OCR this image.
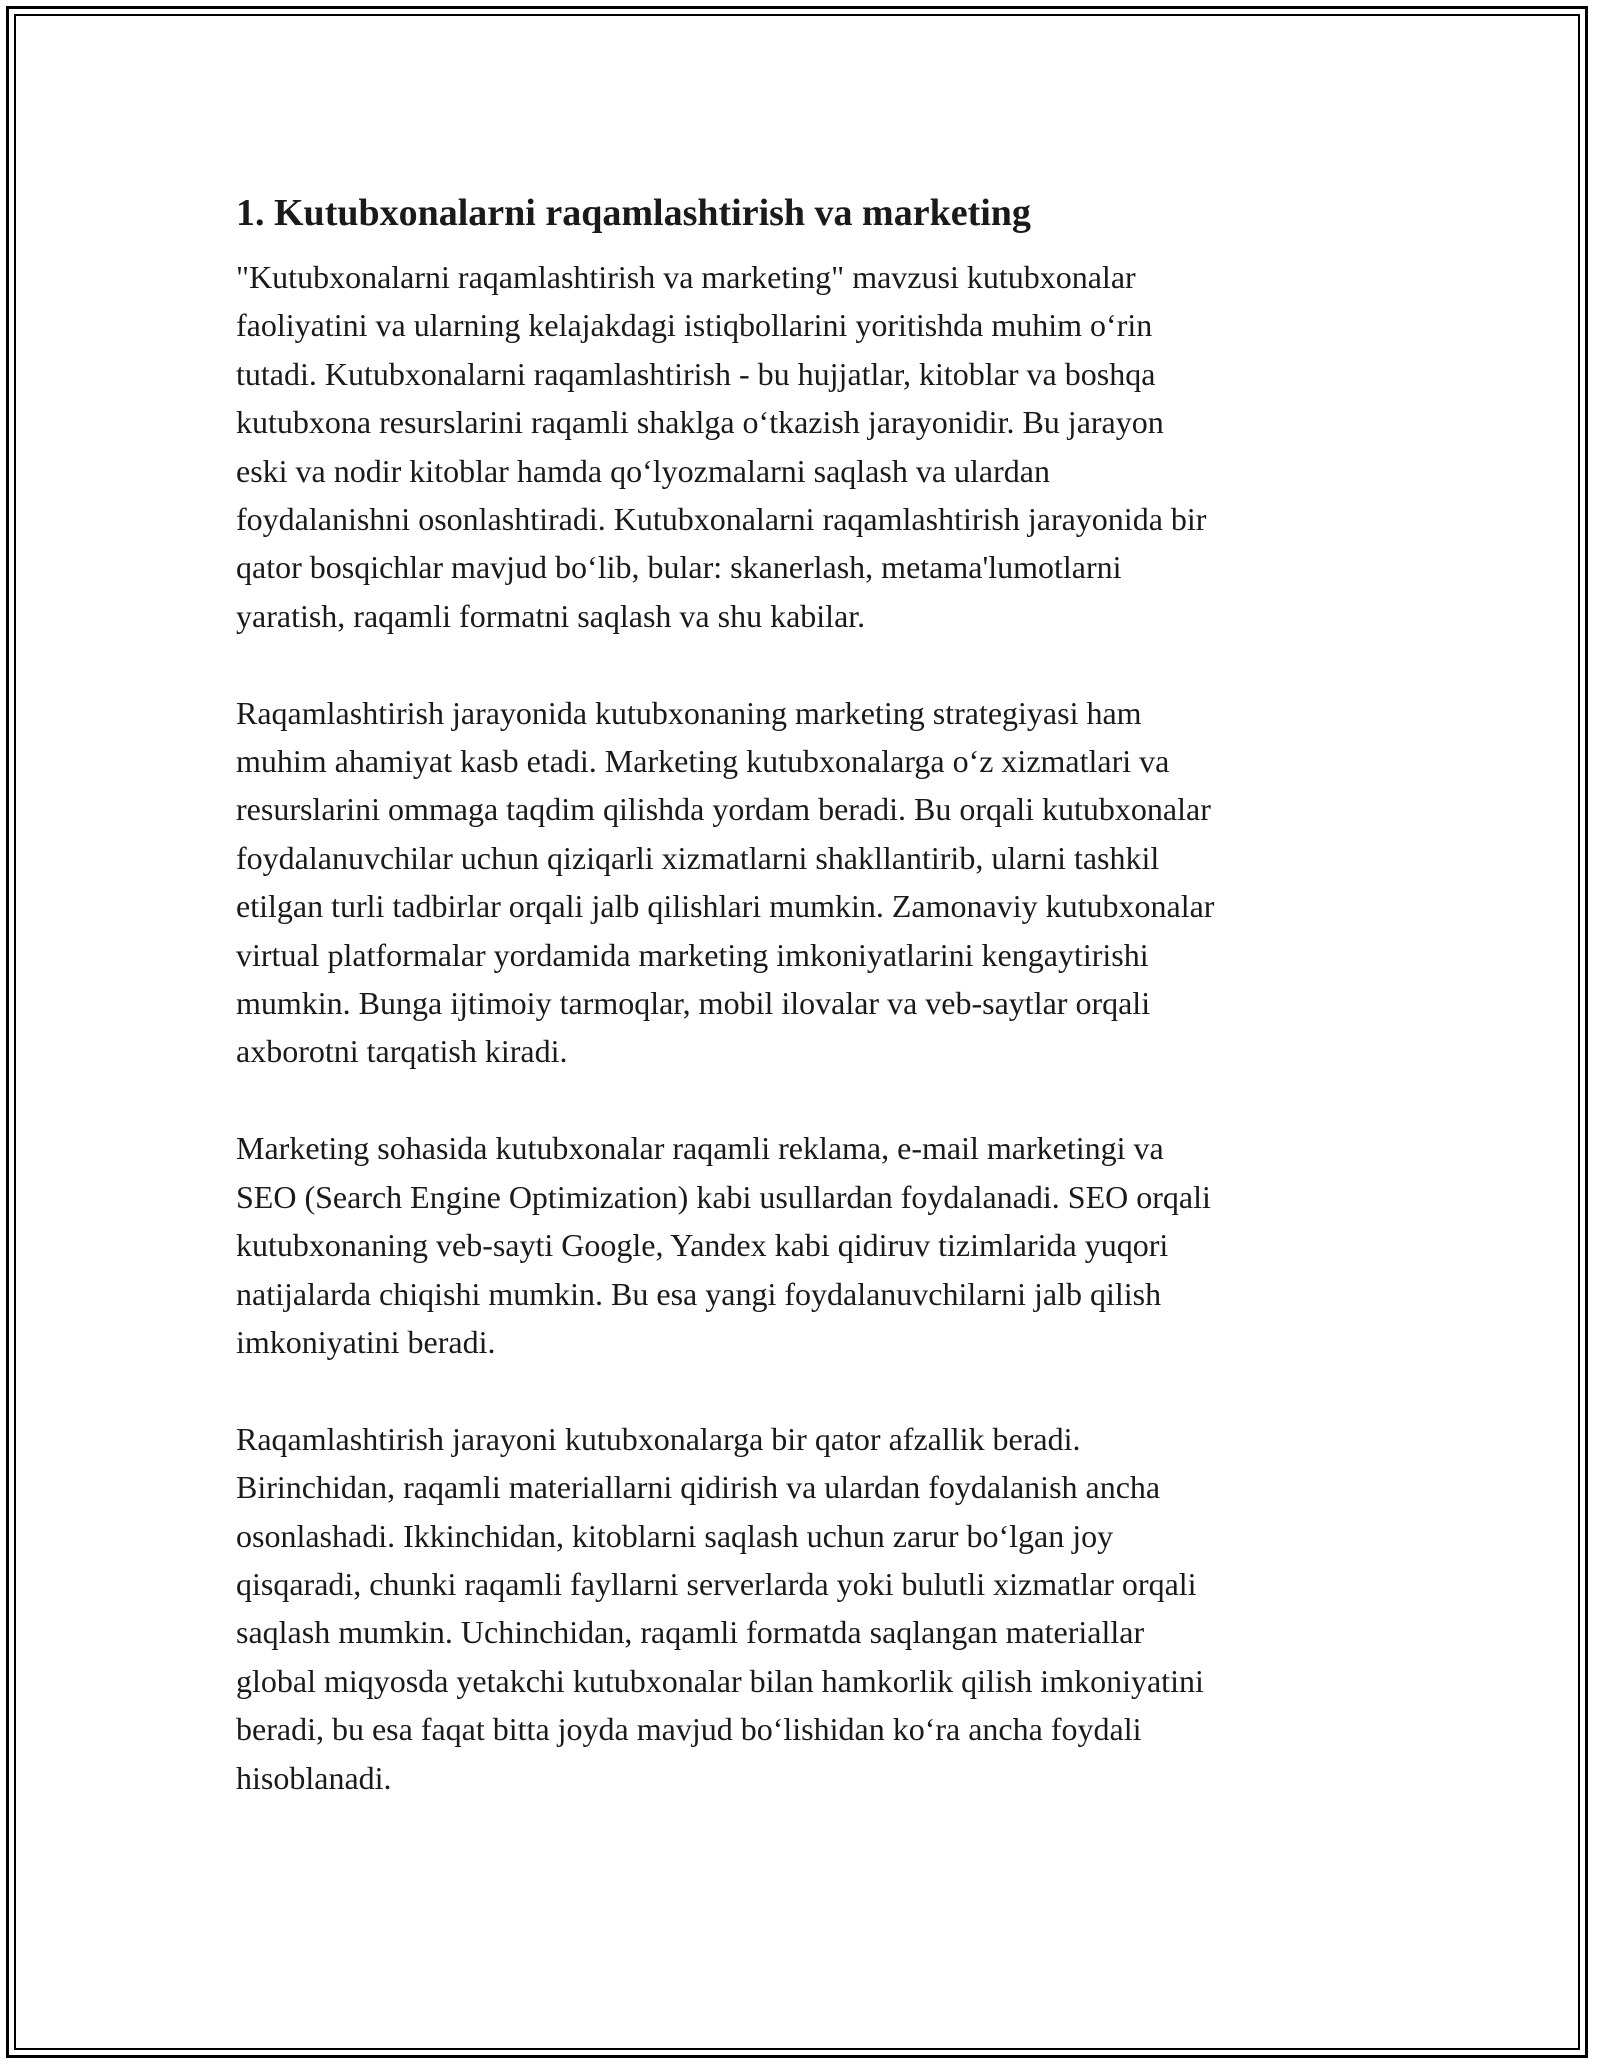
1. Kutubxonalarni raqamlashtirish va marketing

"Kutubxonalarni raqamlashtirish va marketing" mavzusi kutubxonalar
faoliyatini va ularning kelajakdagi istiqbollarini yoritishda muhim o‘rin
tutadi. Kutubxonalarni raqamlashtirish - bu hujjatlar, kitoblar va boshqa
kutubxona resurslarini raqamli shaklga o‘tkazish jarayonidir. Bu jarayon
eski va nodir kitoblar hamda qo‘lyozmalarni saqlash va ulardan
foydalanishni osonlashtiradi. Kutubxonalarni raqamlashtirish jarayonida bir
qator bosqichlar mavjud bo‘lib, bular: skanerlash, metama'lumotlarni
yaratish, raqamli formatni saqlash va shu kabilar.

Raqamlashtirish jarayonida kutubxonaning marketing strategiyasi ham
muhim ahamiyat kasb etadi. Marketing kutubxonalarga o‘z xizmatlari va
resurslarini ommaga taqdim qilishda yordam beradi. Bu orqali kutubxonalar
foydalanuvchilar uchun qiziqarli xizmatlarni shakllantirib, ularni tashkil
etilgan turli tadbirlar orqali jalb qilishlari mumkin. Zamonaviy kutubxonalar
virtual platformalar yordamida marketing imkoniyatlarini kengaytirishi
mumkin. Bunga ijtimoiy tarmoqlar, mobil ilovalar va veb-saytlar orqali
axborotni tarqatish kiradi.

Marketing sohasida kutubxonalar raqamli reklama, e-mail marketingi va
SEO (Search Engine Optimization) kabi usullardan foydalanadi. SEO orqali
kutubxonaning veb-sayti Google, Yandex kabi qidiruv tizimlarida yuqori
natijalarda chiqishi mumkin. Bu esa yangi foydalanuvchilarni jalb qilish
imkoniyatini beradi.

Raqamlashtirish jarayoni kutubxonalarga bir qator afzallik beradi.
Birinchidan, raqamli materiallarni qidirish va ulardan foydalanish ancha
osonlashadi. Ikkinchidan, kitoblarni saqlash uchun zarur bo‘lgan joy
qisqaradi, chunki raqamli fayllarni serverlarda yoki bulutli xizmatlar orqali
saqlash mumkin. Uchinchidan, raqamli formatda saqlangan materiallar
global miqyosda yetakchi kutubxonalar bilan hamkorlik qilish imkoniyatini
beradi, bu esa faqat bitta joyda mavjud bo‘lishidan ko‘ra ancha foydali
hisoblanadi.
